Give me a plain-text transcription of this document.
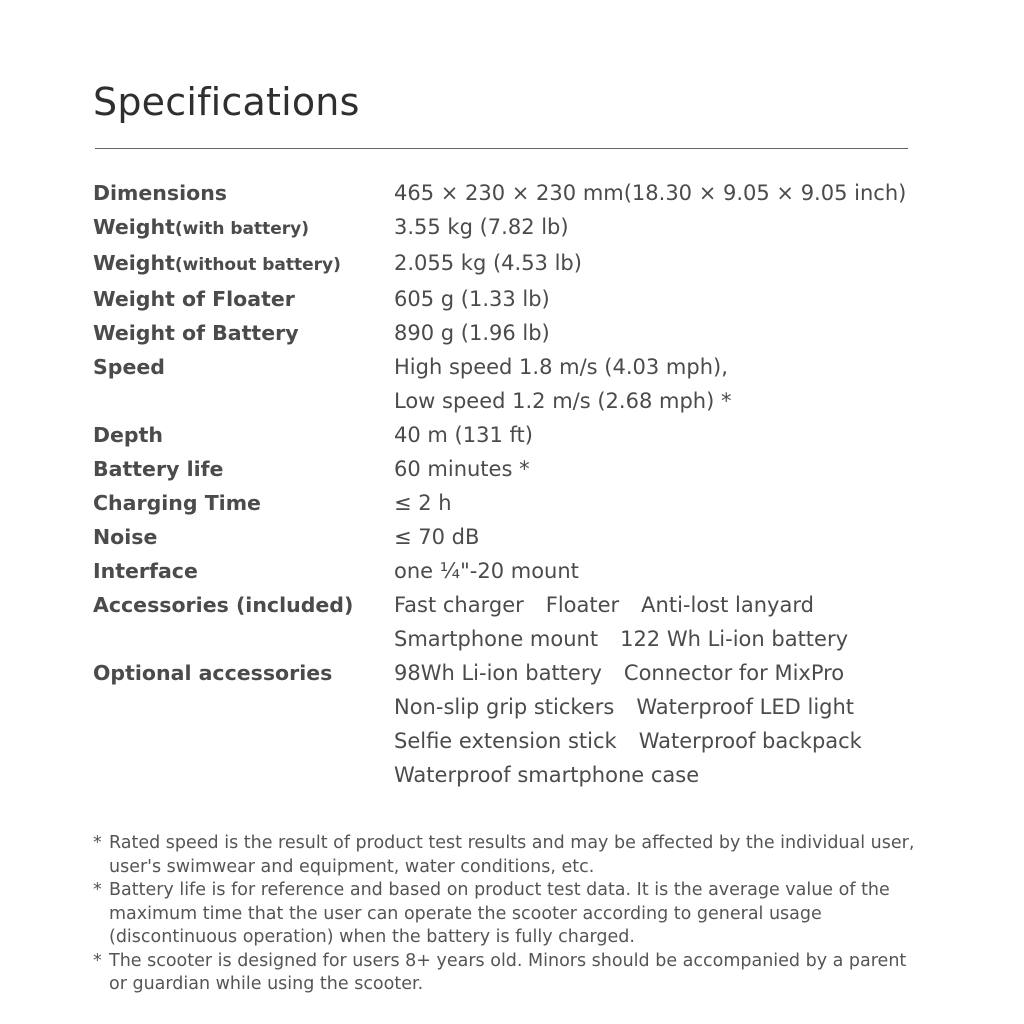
Specifications
Dimensions	465 × 230 × 230 mm(18.30 × 9.05 × 9.05 inch)
Weight(with battery)	3.55 kg (7.82 lb)
Weight(without battery)	2.055 kg (4.53 lb)
Weight of Floater	605 g (1.33 lb)
Weight of Battery	890 g (1.96 lb)
Speed	High speed 1.8 m/s (4.03 mph),
Low speed 1.2 m/s (2.68 mph) *
Depth	40 m (131 ft)
Battery life	60 minutes *
Charging Time	≤ 2 h
Noise	≤ 70 dB
Interface	one ¼"-20 mount
Accessories (included)	Fast charger Floater Anti-lost lanyard
Smartphone mount 122 Wh Li-ion battery
Optional accessories	98Wh Li-ion battery Connector for MixPro
Non-slip grip stickers Waterproof LED light
Selfie extension stick Waterproof backpack
Waterproof smartphone case
* Rated speed is the result of product test results and may be affected by the individual user, user's swimwear and equipment, water conditions, etc.
* Battery life is for reference and based on product test data. It is the average value of the maximum time that the user can operate the scooter according to general usage (discontinuous operation) when the battery is fully charged.
* The scooter is designed for users 8+ years old. Minors should be accompanied by a parent or guardian while using the scooter.
